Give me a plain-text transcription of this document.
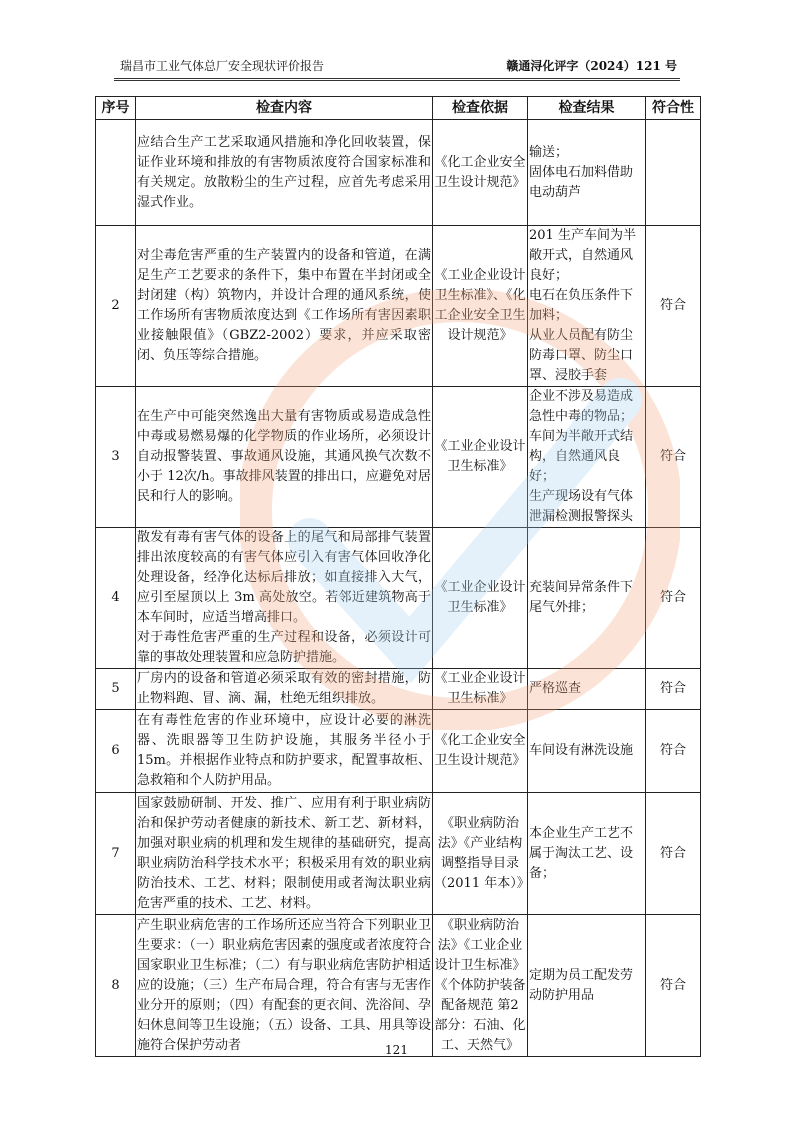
瑞昌市工业气体总厂安全现状评价报告	赣通浔化评字（2024）121 号
序号	检查内容	检查依据	检查结果	符合性

	应结合生产工艺采取通风措施和净化回收装置，保证作业环境和排放的有害物质浓度符合国家标准和有关规定。放散粉尘的生产过程，应首先考虑采用湿式作业。	《化工企业安全卫生设计规范》	输送；
固体电石加料借助电动葫芦	

2	对尘毒危害严重的生产装置内的设备和管道，在满足生产工艺要求的条件下，集中布置在半封闭或全封闭建（构）筑物内，并设计合理的通风系统，使工作场所有害物质浓度达到《工作场所有害因素职业接触限值》（GBZ2-2002）要求，并应采取密闭、负压等综合措施。	《工业企业设计卫生标准》、《化工企业安全卫生设计规范》	201 生产车间为半敞开式，自然通风良好；
电石在负压条件下加料；
从业人员配有防尘防毒口罩、防尘口罩、浸胶手套	符合
3	在生产中可能突然逸出大量有害物质或易造成急性中毒或易燃易爆的化学物质的作业场所，必须设计自动报警装置、事故通风设施，其通风换气次数不小于 12次/h。事故排风装置的排出口，应避免对居民和行人的影响。	《工业企业设计卫生标准》	企业不涉及易造成急性中毒的物品；
车间为半敞开式结构，自然通风良好；
生产现场设有气体泄漏检测报警探头	符合
4	散发有毒有害气体的设备上的尾气和局部排气装置排出浓度较高的有害气体应引入有害气体回收净化处理设备，经净化达标后排放；如直接排入大气，应引至屋顶以上 3m 高处放空。若邻近建筑物高于本车间时，应适当增高排口。
对于毒性危害严重的生产过程和设备，必须设计可靠的事故处理装置和应急防护措施。	《工业企业设计卫生标准》	充装间异常条件下尾气外排；	符合
5	厂房内的设备和管道必须采取有效的密封措施，防止物料跑、冒、滴、漏，杜绝无组织排放。	《工业企业设计卫生标准》	严格巡查	符合
6	在有毒性危害的作业环境中，应设计必要的淋洗器、洗眼器等卫生防护设施，其服务半径小于15m。并根据作业特点和防护要求，配置事故柜、急救箱和个人防护用品。	《化工企业安全卫生设计规范》	车间设有淋洗设施	符合
7	国家鼓励研制、开发、推广、应用有利于职业病防治和保护劳动者健康的新技术、新工艺、新材料，加强对职业病的机理和发生规律的基础研究，提高职业病防治科学技术水平；积极采用有效的职业病防治技术、工艺、材料；限制使用或者淘汰职业病危害严重的技术、工艺、材料。	《职业病防治法》《产业结构调整指导目录（2011 年本）》	本企业生产工艺不属于淘汰工艺、设备；	符合
8	产生职业病危害的工作场所还应当符合下列职业卫生要求：（一）职业病危害因素的强度或者浓度符合国家职业卫生标准；（二）有与职业病危害防护相适应的设施；（三）生产布局合理，符合有害与无害作业分开的原则；（四）有配套的更衣间、洗浴间、孕妇休息间等卫生设施；（五）设备、工具、用具等设施符合保护劳动者	《职业病防治法》《工业企业设计卫生标准》《个体防护装备配备规范 第2 部分：石油、化工、天然气》	定期为员工配发劳动防护用品	符合
121
